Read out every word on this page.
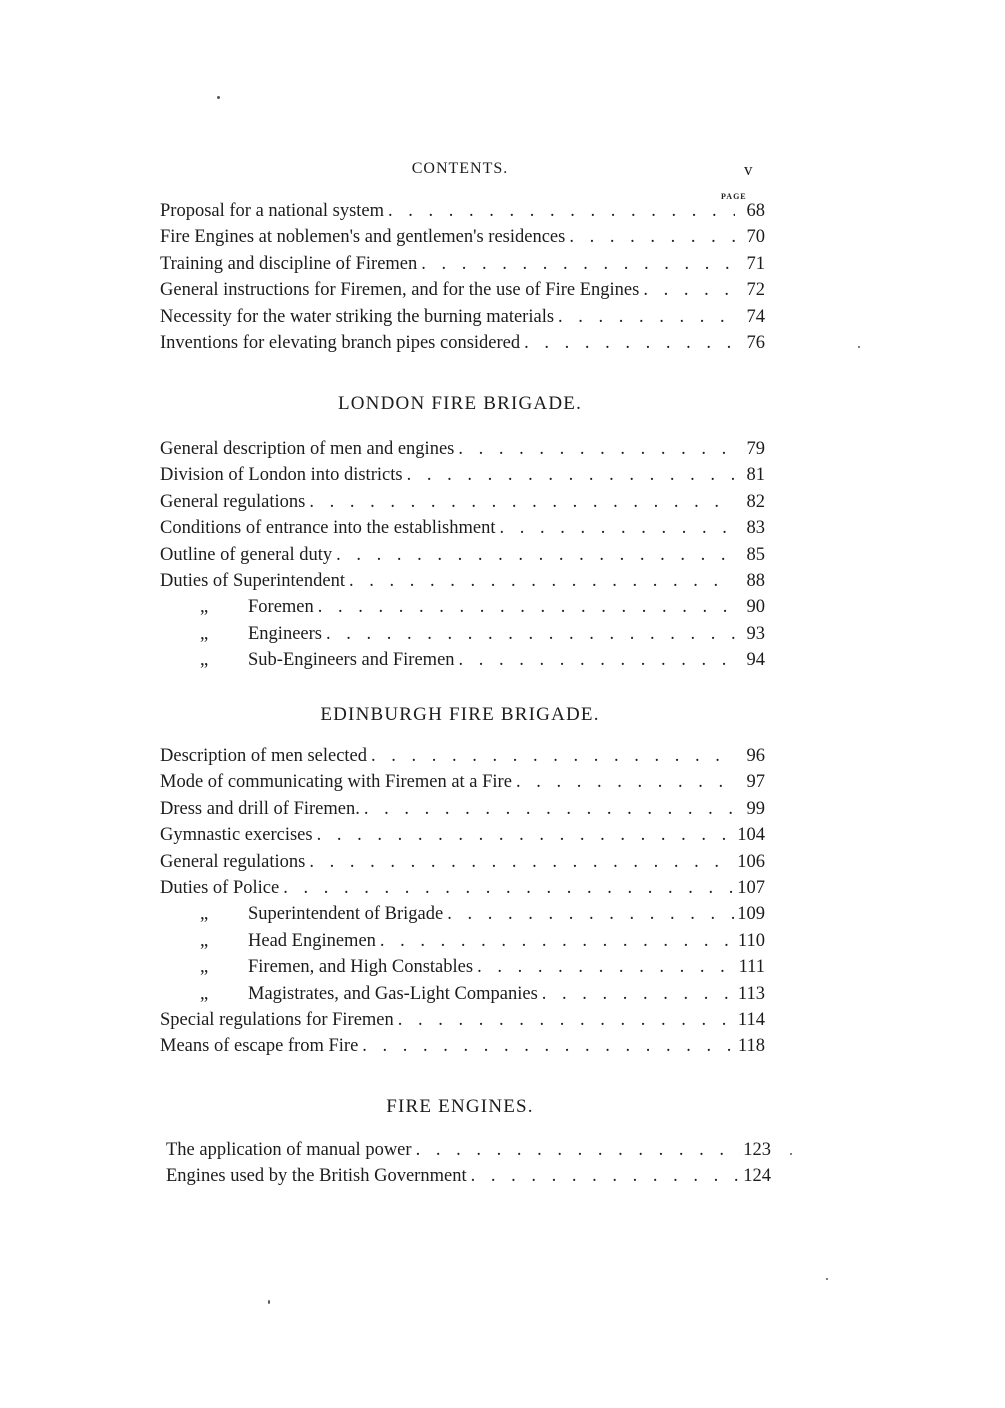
CONTENTS.	v
PAGE
Proposal for a national system . . .	68
Fire Engines at noblemen's and gentlemen's residences . . .	70
Training and discipline of Firemen . . .	71
General instructions for Firemen, and for the use of Fire Engines . . .	72
Necessity for the water striking the burning materials . . .	74
Inventions for elevating branch pipes considered . . .	76
LONDON FIRE BRIGADE.
General description of men and engines . . .	79
Division of London into districts . . .	81
General regulations . . .	82
Conditions of entrance into the establishment . . .	83
Outline of general duty . . .	85
Duties of Superintendent . . .	88
„	Foremen . . .	90
„	Engineers . . .	93
„	Sub-Engineers and Firemen . . .	94
EDINBURGH FIRE BRIGADE.
Description of men selected . . .	96
Mode of communicating with Firemen at a Fire . . .	97
Dress and drill of Firemen. . . .	99
Gymnastic exercises . . .	104
General regulations . . .	106
Duties of Police . . .	107
„	Superintendent of Brigade . . .	109
„	Head Enginemen . . .	110
„	Firemen, and High Constables . . .	111
„	Magistrates, and Gas-Light Companies . . .	113
Special regulations for Firemen . . .	114
Means of escape from Fire . . .	118
FIRE ENGINES.
The application of manual power . . .	123
Engines used by the British Government . . .	124
